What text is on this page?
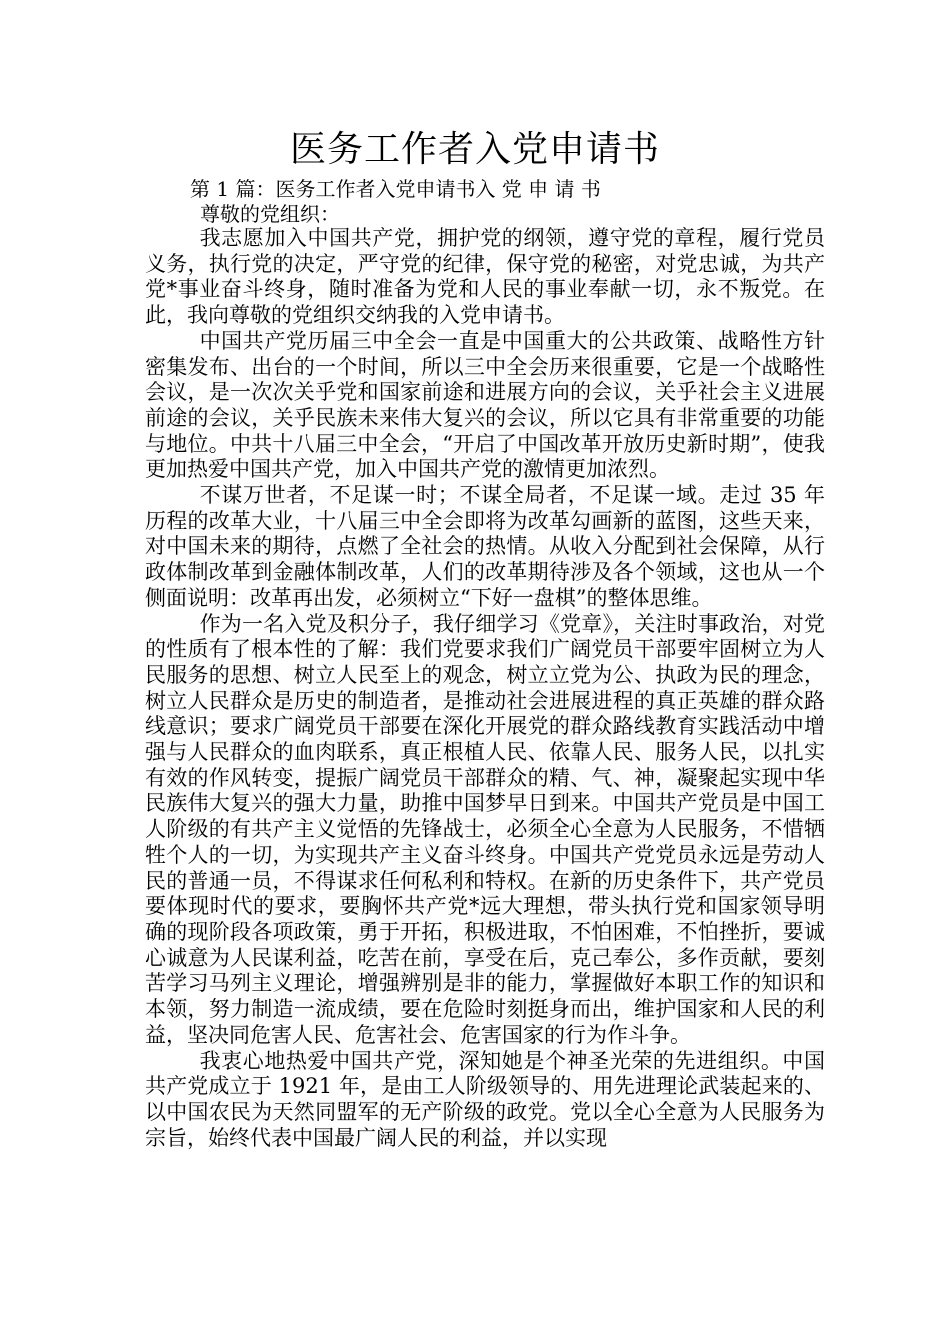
医务工作者入党申请书
第 1 篇：医务工作者入党申请书入 党 申 请 书
尊敬的党组织：

我志愿加入中国共产党，拥护党的纲领，遵守党的章程，履行党员义务，执行党的决定，严守党的纪律，保守党的秘密，对党忠诚，为共产党*事业奋斗终身，随时准备为党和人民的事业奉献一切，永不叛党。在此，我向尊敬的党组织交纳我的入党申请书。

中国共产党历届三中全会一直是中国重大的公共政策、战略性方针密集发布、出台的一个时间，所以三中全会历来很重要，它是一个战略性会议，是一次次关乎党和国家前途和进展方向的会议，关乎社会主义进展前途的会议，关乎民族未来伟大复兴的会议，所以它具有非常重要的功能与地位。中共十八届三中全会，“开启了中国改革开放历史新时期”，使我更加热爱中国共产党，加入中国共产党的激情更加浓烈。

不谋万世者，不足谋一时；不谋全局者，不足谋一域。走过 35 年历程的改革大业，十八届三中全会即将为改革勾画新的蓝图，这些天来，对中国未来的期待，点燃了全社会的热情。从收入分配到社会保障，从行政体制改革到金融体制改革，人们的改革期待涉及各个领域，这也从一个侧面说明：改革再出发，必须树立“下好一盘棋”的整体思维。

作为一名入党及积分子，我仔细学习《党章》，关注时事政治，对党的性质有了根本性的了解：我们党要求我们广阔党员干部要牢固树立为人民服务的思想、树立人民至上的观念，树立立党为公、执政为民的理念，树立人民群众是历史的制造者，是推动社会进展进程的真正英雄的群众路线意识；要求广阔党员干部要在深化开展党的群众路线教育实践活动中增强与人民群众的血肉联系，真正根植人民、依靠人民、服务人民，以扎实有效的作风转变，提振广阔党员干部群众的精、气、神，凝聚起实现中华民族伟大复兴的强大力量，助推中国梦早日到来。中国共产党员是中国工人阶级的有共产主义觉悟的先锋战士，必须全心全意为人民服务，不惜牺牲个人的一切，为实现共产主义奋斗终身。中国共产党党员永远是劳动人民的普通一员，不得谋求任何私利和特权。在新的历史条件下，共产党员要体现时代的要求，要胸怀共产党*远大理想，带头执行党和国家领导明确的现阶段各项政策，勇于开拓，积极进取，不怕困难，不怕挫折，要诚心诚意为人民谋利益，吃苦在前，享受在后，克己奉公，多作贡献，要刻苦学习马列主义理论，增强辨别是非的能力，掌握做好本职工作的知识和本领，努力制造一流成绩，要在危险时刻挺身而出，维护国家和人民的利益，坚决同危害人民、危害社会、危害国家的行为作斗争。

我衷心地热爱中国共产党，深知她是个神圣光荣的先进组织。中国共产党成立于 1921 年，是由工人阶级领导的、用先进理论武装起来的、以中国农民为天然同盟军的无产阶级的政党。党以全心全意为人民服务为宗旨，始终代表中国最广阔人民的利益，并以实现
